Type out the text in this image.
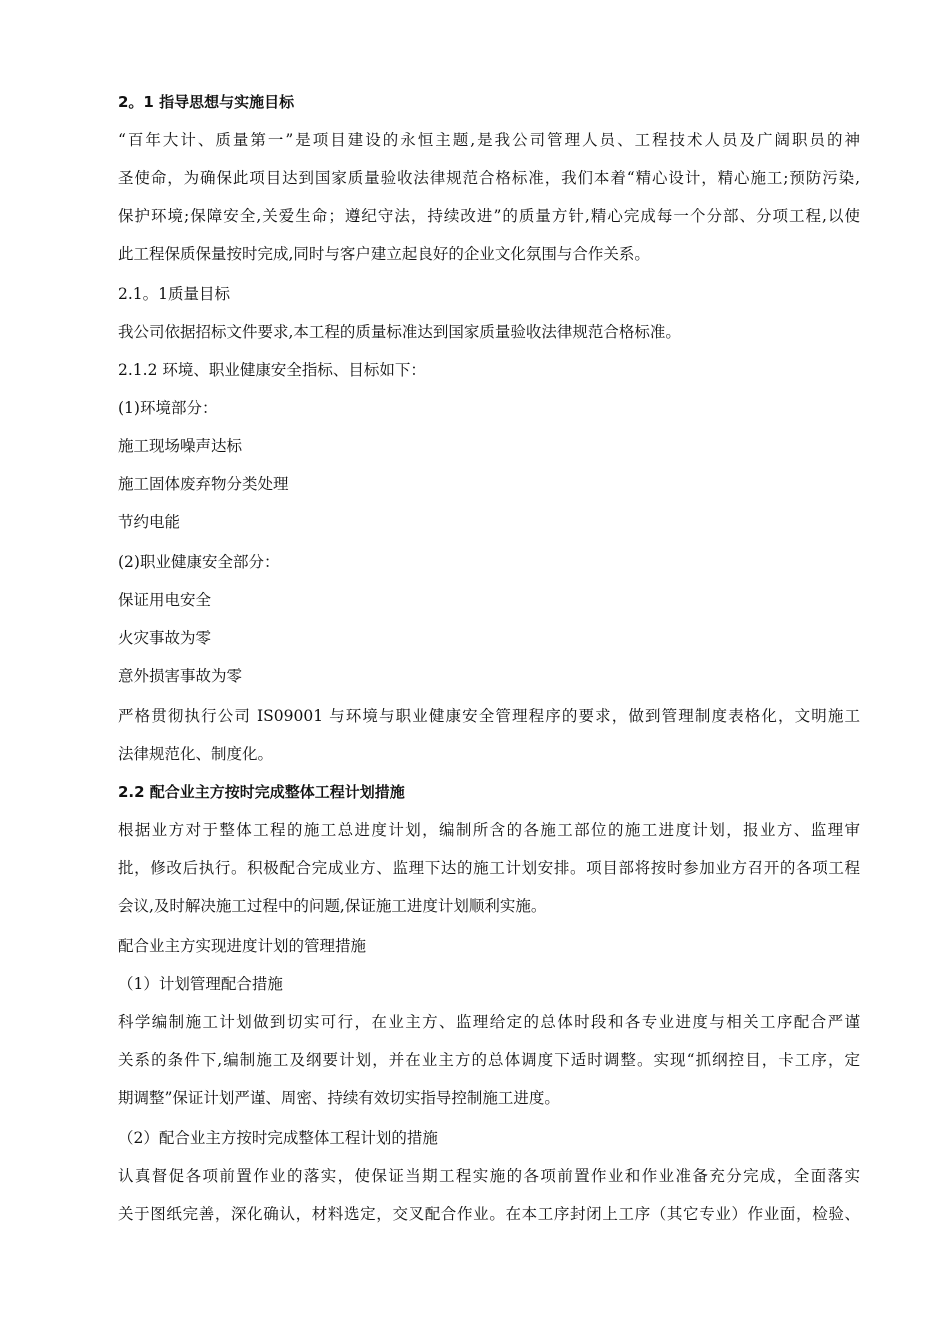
2。1 指导思想与实施目标
“百年大计、质量第一”是项目建设的永恒主题,是我公司管理人员、工程技术人员及广阔职员的神
圣使命，为确保此项目达到国家质量验收法律规范合格标准，我们本着“精心设计，精心施工;预防污染,
保护环境;保障安全,关爱生命；遵纪守法，持续改进”的质量方针,精心完成每一个分部、分项工程,以使
此工程保质保量按时完成,同时与客户建立起良好的企业文化氛围与合作关系。
2.1。1质量目标
我公司依据招标文件要求,本工程的质量标准达到国家质量验收法律规范合格标准。
2.1.2 环境、职业健康安全指标、目标如下：
(1)环境部分：
施工现场噪声达标
施工固体废弃物分类处理
节约电能
(2)职业健康安全部分：
保证用电安全
火灾事故为零
意外损害事故为零
严格贯彻执行公司 IS09001 与环境与职业健康安全管理程序的要求，做到管理制度表格化，文明施工
法律规范化、制度化。
2.2 配合业主方按时完成整体工程计划措施
根据业方对于整体工程的施工总进度计划，编制所含的各施工部位的施工进度计划，报业方、监理审
批，修改后执行。积极配合完成业方、监理下达的施工计划安排。项目部将按时参加业方召开的各项工程
会议,及时解决施工过程中的问题,保证施工进度计划顺利实施。
配合业主方实现进度计划的管理措施
（1）计划管理配合措施
科学编制施工计划做到切实可行，在业主方、监理给定的总体时段和各专业进度与相关工序配合严谨
关系的条件下,编制施工及纲要计划，并在业主方的总体调度下适时调整。实现“抓纲控目，卡工序，定
期调整”保证计划严谨、周密、持续有效切实指导控制施工进度。
（2）配合业主方按时完成整体工程计划的措施
认真督促各项前置作业的落实，使保证当期工程实施的各项前置作业和作业准备充分完成，全面落实
关于图纸完善，深化确认，材料选定，交叉配合作业。在本工序封闭上工序（其它专业）作业面，检验、
